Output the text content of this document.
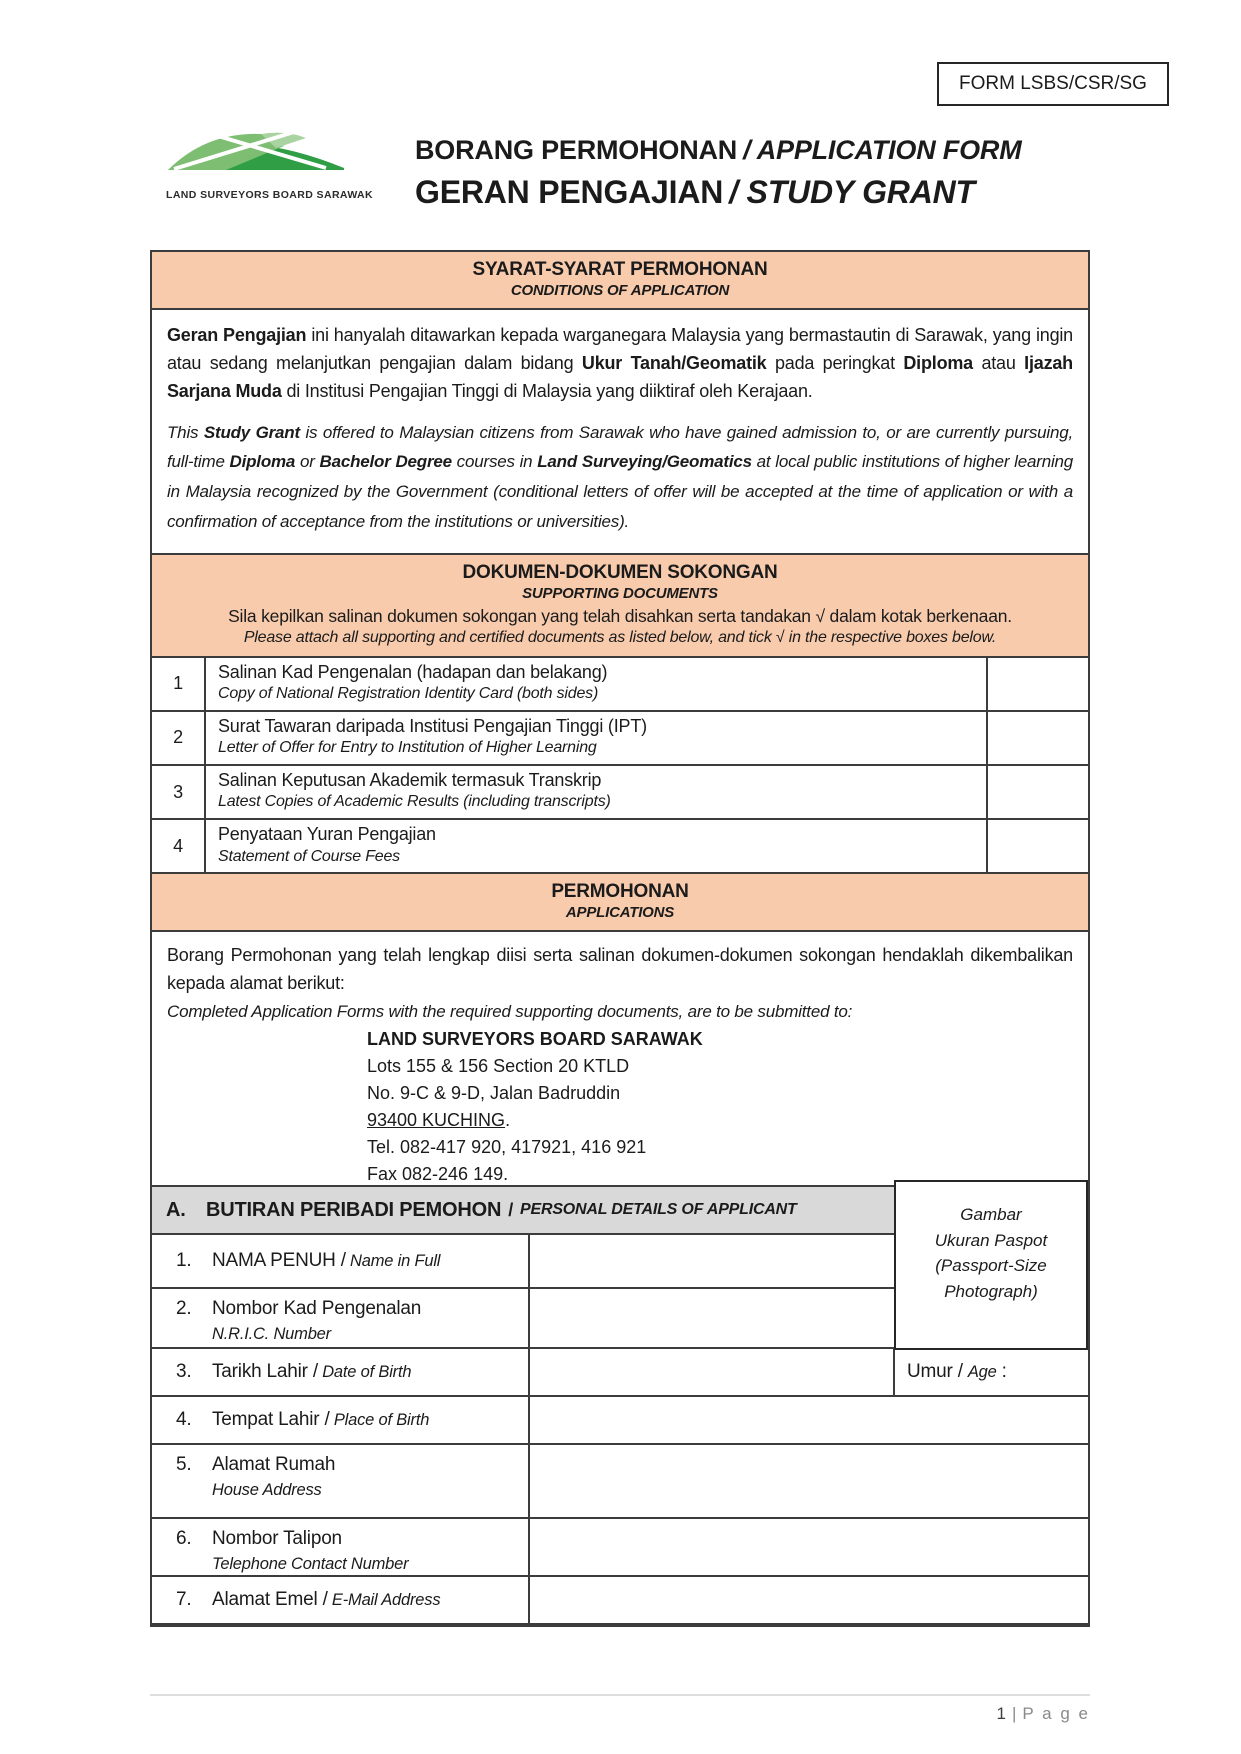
FORM LSBS/CSR/SG
LAND SURVEYORS BOARD SARAWAK
BORANG PERMOHONAN / APPLICATION FORM
GERAN PENGAJIAN / STUDY GRANT
SYARAT-SYARAT PERMOHONAN
CONDITIONS OF APPLICATION

Geran Pengajian ini hanyalah ditawarkan kepada warganegara Malaysia yang bermastautin di Sarawak, yang ingin atau sedang melanjutkan pengajian dalam bidang Ukur Tanah/Geomatik pada peringkat Diploma atau Ijazah Sarjana Muda di Institusi Pengajian Tinggi di Malaysia yang diiktiraf oleh Kerajaan.

This Study Grant is offered to Malaysian citizens from Sarawak who have gained admission to, or are currently pursuing, full-time Diploma or Bachelor Degree courses in Land Surveying/Geomatics at local public institutions of higher learning in Malaysia recognized by the Government (conditional letters of offer will be accepted at the time of application or with a confirmation of acceptance from the institutions or universities).

DOKUMEN-DOKUMEN SOKONGAN
SUPPORTING DOCUMENTS
Sila kepilkan salinan dokumen sokongan yang telah disahkan serta tandakan √ dalam kotak berkenaan.
Please attach all supporting and certified documents as listed below, and tick √ in the respective boxes below.
1
Salinan Kad Pengenalan (hadapan dan belakang)
Copy of National Registration Identity Card (both sides)
2
Surat Tawaran daripada Institusi Pengajian Tinggi (IPT)
Letter of Offer for Entry to Institution of Higher Learning
3
Salinan Keputusan Akademik termasuk Transkrip
Latest Copies of Academic Results (including transcripts)
4
Penyataan Yuran Pengajian
Statement of Course Fees
PERMOHONAN
APPLICATIONS

Borang Permohonan yang telah lengkap diisi serta salinan dokumen-dokumen sokongan hendaklah dikembalikan kepada alamat berikut:

Completed Application Forms with the required supporting documents, are to be submitted to:

LAND SURVEYORS BOARD SARAWAK
Lots 155 & 156 Section 20 KTLD
No. 9-C & 9-D, Jalan Badruddin
93400 KUCHING.
Tel. 082-417 920, 417921, 416 921
Fax 082-246 149.
A.	BUTIRAN PERIBADI PEMOHON / PERSONAL DETAILS OF APPLICANT
1.	NAMA PENUH /
Name in Full
2. Nombor Kad Pengenalan
N.R.I.C. Number
3.	Tarikh Lahir /
Date of Birth	Umur / Age :
4.	Tempat Lahir /
Place of Birth
5. Alamat Rumah
House Address
6. Nombor Talipon
Telephone Contact Number
7.	Alamat Emel /
E-Mail Address
Gambar
Ukuran Paspot
(Passport-Size
Photograph)
1 | P a g e
